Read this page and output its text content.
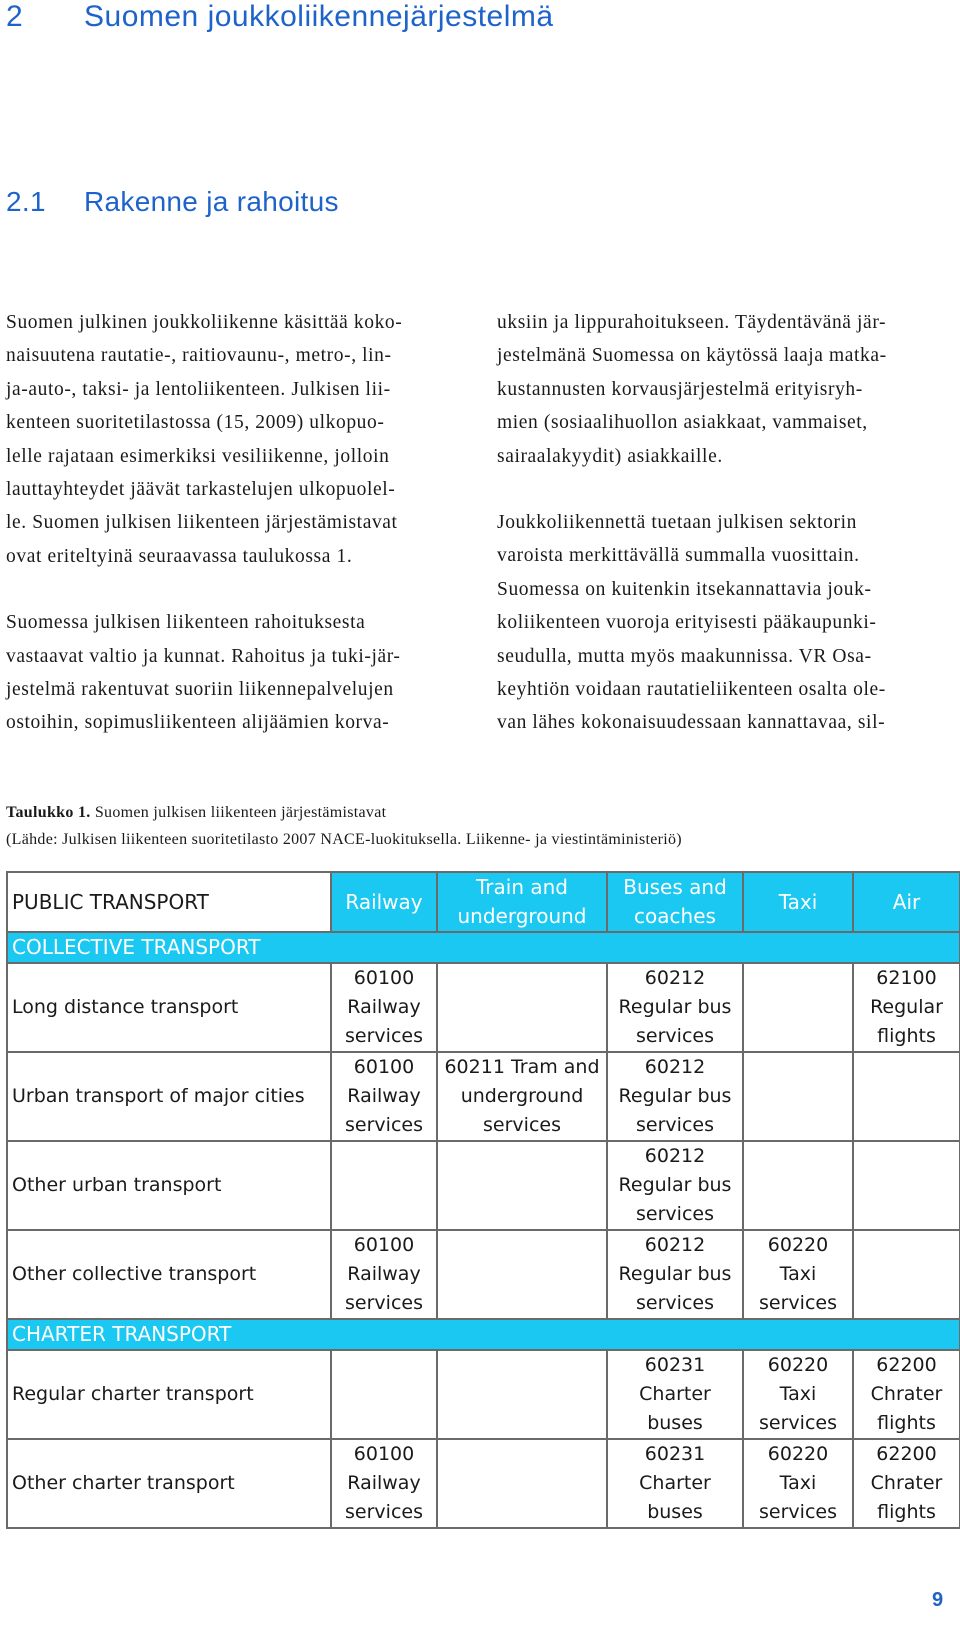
2 Suomen joukkoliikennejärjestelmä
2.1 Rakenne ja rahoitus

Suomen julkinen joukkoliikenne käsittää koko-
naisuutena rautatie-, raitiovaunu-, metro-, lin-
ja-auto-, taksi- ja lentoliikenteen. Julkisen lii-
kenteen suoritetilastossa (15, 2009) ulkopuo-
lelle rajataan esimerkiksi vesiliikenne, jolloin
lauttayhteydet jäävät tarkastelujen ulkopuolel-
le. Suomen julkisen liikenteen järjestämistavat
ovat eriteltyinä seuraavassa taulukossa 1.

Suomessa julkisen liikenteen rahoituksesta
vastaavat valtio ja kunnat. Rahoitus ja tuki-jär-
jestelmä rakentuvat suoriin liikennepalvelujen
ostoihin, sopimusliikenteen alijäämien korva-

uksiin ja lippurahoitukseen. Täydentävänä jär-
jestelmänä Suomessa on käytössä laaja matka-
kustannusten korvausjärjestelmä erityisryh-
mien (sosiaalihuollon asiakkaat, vammaiset,
sairaalakyydit) asiakkaille.

Joukkoliikennettä tuetaan julkisen sektorin
varoista merkittävällä summalla vuosittain.
Suomessa on kuitenkin itsekannattavia jouk-
koliikenteen vuoroja erityisesti pääkaupunki-
seudulla, mutta myös maakunnissa. VR Osa-
keyhtiön voidaan rautatieliikenteen osalta ole-
van lähes kokonaisuudessaan kannattavaa, sil-

Taulukko 1. Suomen julkisen liikenteen järjestämistavat
(Lähde: Julkisen liikenteen suoritetilasto 2007 NACE-luokituksella. Liikenne- ja viestintäministeriö)
PUBLIC TRANSPORT	Railway	Train and
underground	Buses and
coaches	Taxi	Air

COLLECTIVE TRANSPORT					
Long distance transport	60100
Railway
services		60212
Regular bus
services		62100
Regular
flights

Urban transport of major cities	60100
Railway
services	60211 Tram and
underground
services	60212
Regular bus
services		

Other urban transport			60212
Regular bus
services		

Other collective transport	60100
Railway
services		60212
Regular bus
services	60220
Taxi
services	

CHARTER TRANSPORT					
Regular charter transport			60231
Charter buses	60220
Taxi
services	62200
Chrater
flights

Other charter transport	60100
Railway
services		60231
Charter buses	60220
Taxi
services	62200
Chrater
flights
9
